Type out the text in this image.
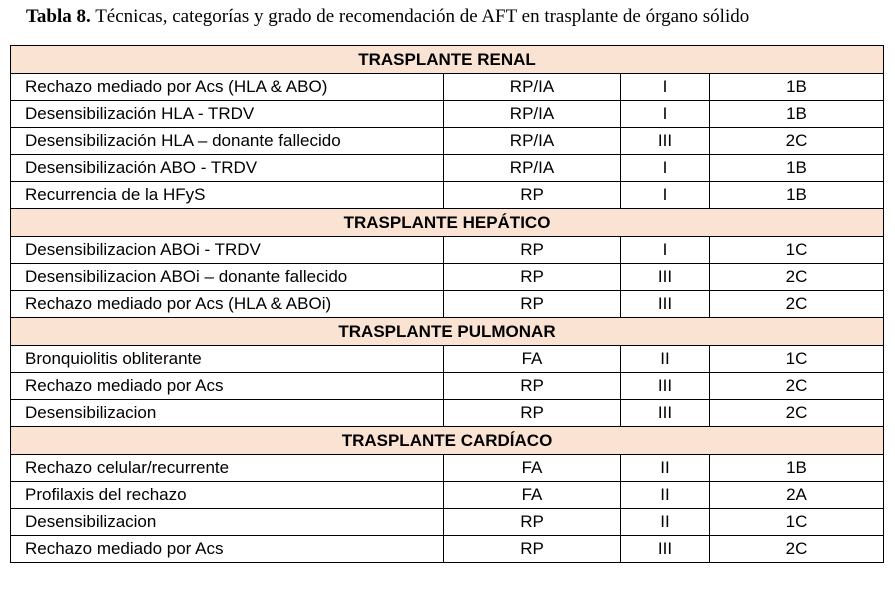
Tabla 8. Técnicas, categorías y grado de recomendación de AFT en trasplante de órgano sólido
TRASPLANTE RENAL			
Rechazo mediado por Acs (HLA & ABO)	RP/IA	I	1B
Desensibilización HLA - TRDV	RP/IA	I	1B
Desensibilización HLA – donante fallecido	RP/IA	III	2C
Desensibilización ABO - TRDV	RP/IA	I	1B
Recurrencia de la HFyS	RP	I	1B
TRASPLANTE HEPÁTICO			
Desensibilizacion ABOi - TRDV	RP	I	1C
Desensibilizacion ABOi – donante fallecido	RP	III	2C
Rechazo mediado por Acs (HLA & ABOi)	RP	III	2C
TRASPLANTE PULMONAR			
Bronquiolitis obliterante	FA	II	1C
Rechazo mediado por Acs	RP	III	2C
Desensibilizacion	RP	III	2C
TRASPLANTE CARDÍACO			
Rechazo celular/recurrente	FA	II	1B
Profilaxis del rechazo	FA	II	2A
Desensibilizacion	RP	II	1C
Rechazo mediado por Acs	RP	III	2C
